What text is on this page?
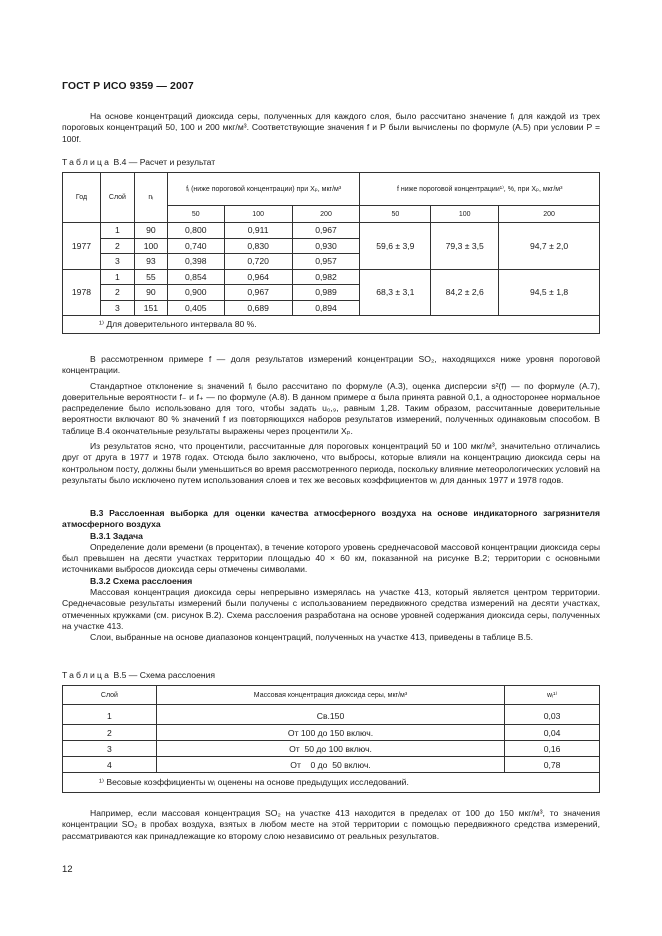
ГОСТ Р ИСО 9359 — 2007

На основе концентраций диоксида серы, полученных для каждого слоя, было рассчитано значение fᵢ для каждой из трех пороговых концентраций 50, 100 и 200 мкг/м³. Соответствующие значения f и P были вычислены по формуле (А.5) при условии P = 100f.

Таблица В.4 — Расчет и результат
Год	Слой	nᵢ	fᵢ (ниже пороговой концентрации) при Xₚ, мкг/м³			f ниже пороговой концентрации¹⁾, %, при Xₚ, мкг/м³		
			50	100	200	50	100	200
1977	1	90	0,800	0,911	0,967	59,6 ± 3,9	79,3 ± 3,5	94,7 ± 2,0
	2	100	0,740	0,830	0,930			
	3	93	0,398	0,720	0,957			
1978	1	55	0,854	0,964	0,982	68,3 ± 3,1	84,2 ± 2,6	94,5 ± 1,8
	2	90	0,900	0,967	0,989			
	3	151	0,405	0,689	0,894			
¹⁾ Для доверительного интервала 80 %.								

В рассмотренном примере f — доля результатов измерений концентрации SO₂, находящихся ниже уровня пороговой концентрации.

Стандартное отклонение sᵢ значений fᵢ было рассчитано по формуле (А.3), оценка дисперсии s²(f) — по формуле (А.7), доверительные вероятности f₋ и f₊ — по формуле (А.8). В данном примере α была принята равной 0,1, а односторонее нормальное распределение было использовано для того, чтобы задать u₀,₉, равным 1,28. Таким образом, рассчитанные доверительные вероятности включают 80 % значений f из повторяющихся наборов результатов измерений, полученных одинаковым способом. В таблице В.4 окончательные результаты выражены через процентили Xₚ.

Из результатов ясно, что процентили, рассчитанные для пороговых концентраций 50 и 100 мкг/м³, значительно отличались друг от друга в 1977 и 1978 годах. Отсюда было заключено, что выбросы, которые влияли на концентрацию диоксида серы на контрольном посту, должны были уменьшиться во время рассмотренного периода, поскольку влияние метеорологических условий на результаты было исключено путем использования слоев и тех же весовых коэффициентов wᵢ для данных 1977 и 1978 годов.

В.3 Расслоенная выборка для оценки качества атмосферного воздуха на основе индикаторного загрязнителя атмосферного воздуха

В.3.1 Задача

Определение доли времени (в процентах), в течение которого уровень среднечасовой массовой концентрации диоксида серы был превышен на десяти участках территории площадью 40 × 60 км, показанной на рисунке В.2; территории с основными источниками выбросов диоксида серы отмечены символами.

В.3.2 Схема расслоения

Массовая концентрация диоксида серы непрерывно измерялась на участке 413, который является центром территории. Среднечасовые результаты измерений были получены с использованием передвижного средства измерений на десяти участках, отмеченных кружками (см. рисунок В.2). Схема расслоения разработана на основе уровней содержания диоксида серы, полученных на участке 413.

Слои, выбранные на основе диапазонов концентраций, полученных на участке 413, приведены в таблице В.5.

Таблица В.5 — Схема расслоения
Слой	Массовая концентрация диоксида серы, мкг/м³	wᵢ¹⁾

1	Св.150	0,03
2	От 100 до 150 включ.	0,04
3	От  50 до 100 включ.	0,16
4	От    0 до  50 включ.	0,78
¹⁾ Весовые коэффициенты wᵢ оценены на основе предыдущих исследований.		

Например, если массовая концентрация SO₂ на участке 413 находится в пределах от 100 до 150 мкг/м³, то значения концентрации SO₂ в пробах воздуха, взятых в любом месте на этой территории с помощью передвижного средства измерений, рассматриваются как принадлежащие ко второму слою независимо от реальных результатов.

12
